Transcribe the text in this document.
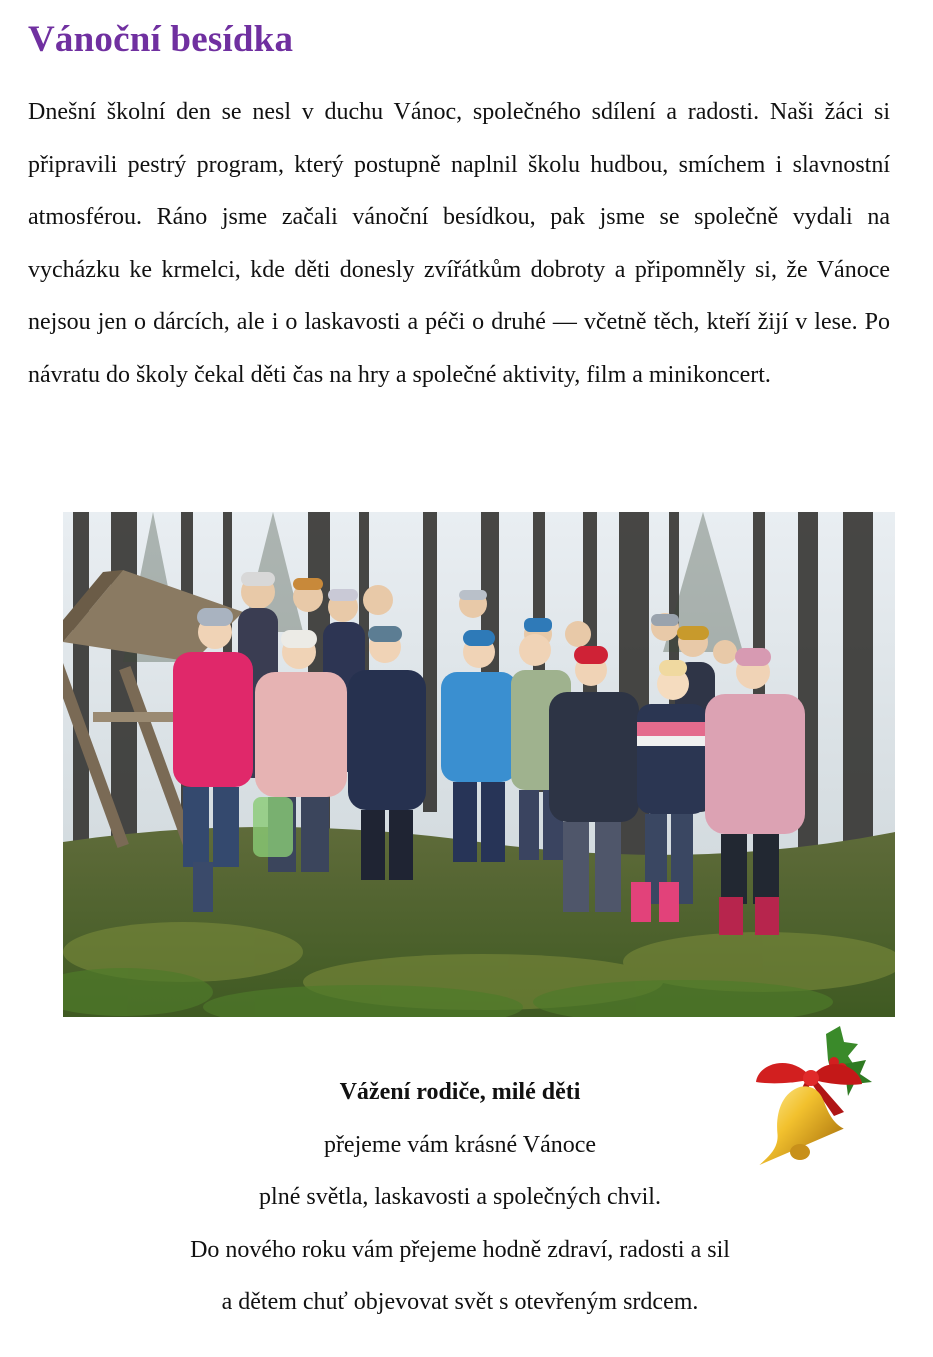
Vánoční besídka

Dnešní školní den se nesl v duchu Vánoc, společného sdílení a radosti. Naši žáci si připravili pestrý program, který postupně naplnil školu hudbou, smíchem i slavnostní atmosférou. Ráno jsme začali vánoční besídkou, pak jsme se společně vydali na vycházku ke krmelci, kde děti donesly zvířátkům dobroty a připomněly si, že Vánoce nejsou jen o dárcích, ale i o laskavosti a péči o druhé — včetně těch, kteří žijí v lese. Po návratu do školy čekal děti čas na hry a společné aktivity, film a minikoncert.

Vážení rodiče, milé děti
přejeme vám krásné Vánoce
plné světla, laskavosti a společných chvil.
Do nového roku vám přejeme hodně zdraví, radosti a sil
a dětem chuť objevovat svět s otevřeným srdcem.
